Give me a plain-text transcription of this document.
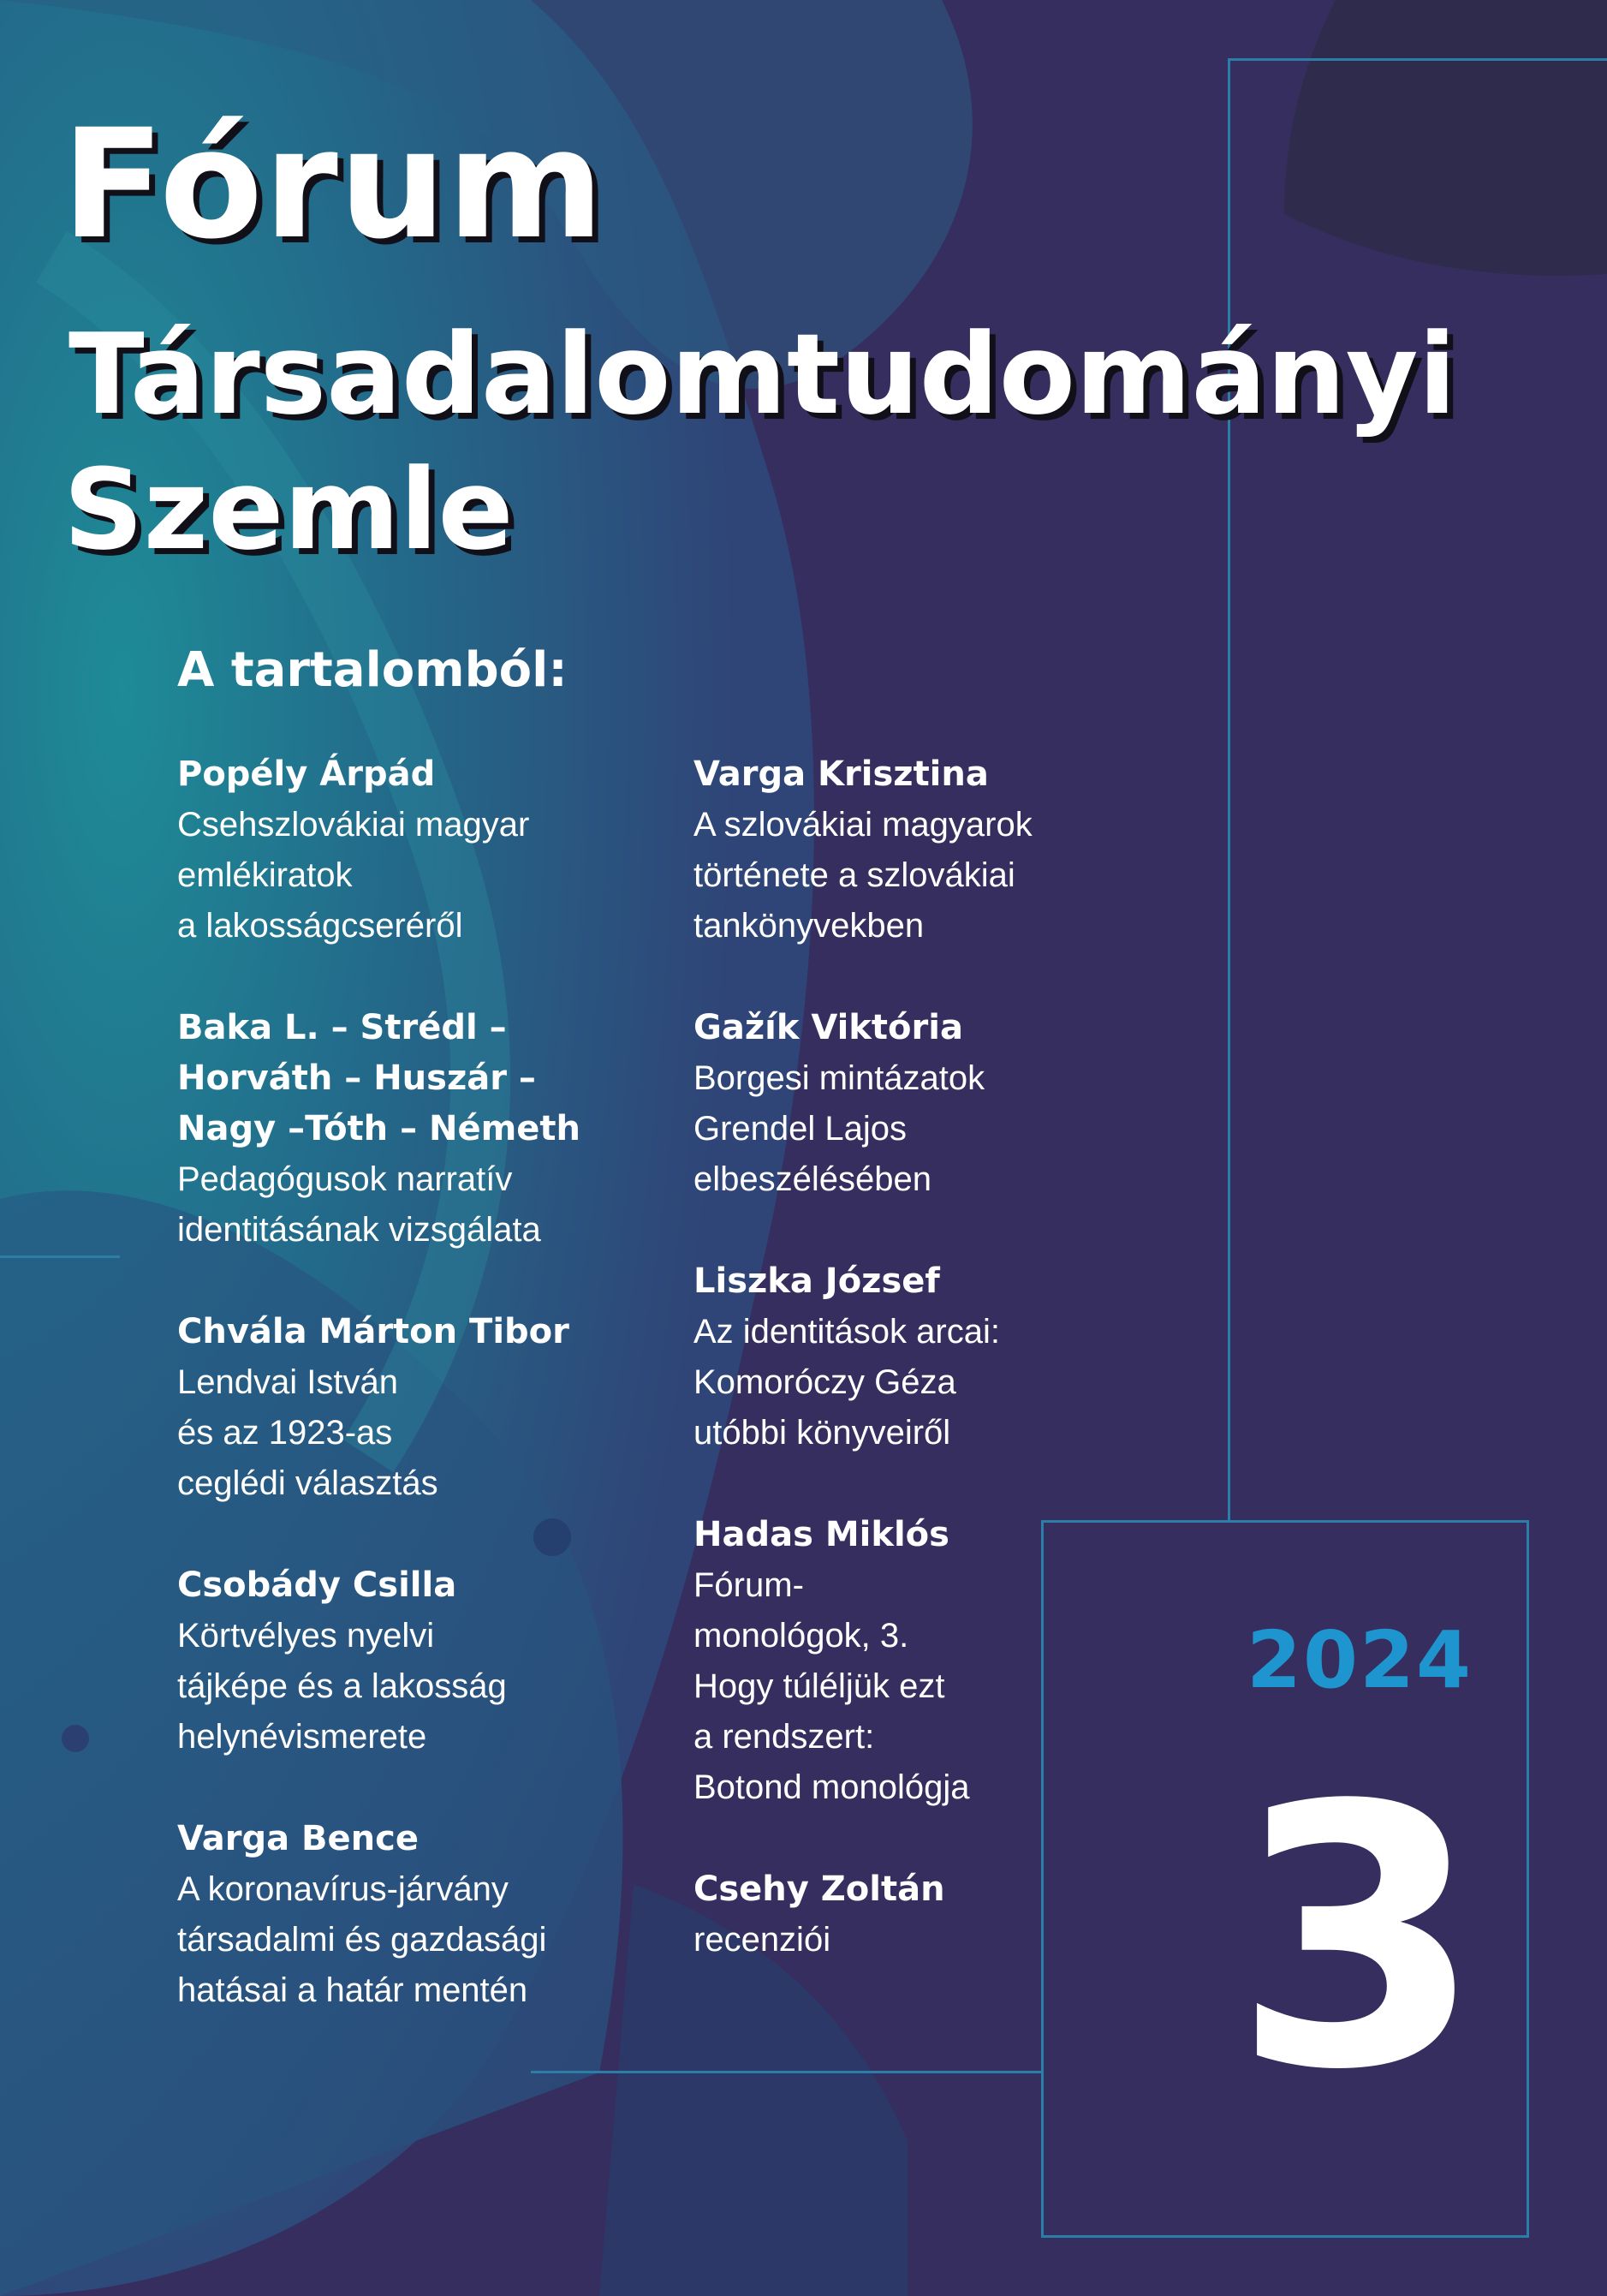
Fórum
Társadalomtudományi
Szemle
A tartalomból:
Popély Árpád
Csehszlovákiai magyar
emlékiratok
a lakosságcseréről
Baka L. – Strédl –
Horváth – Huszár –
Nagy –Tóth – Németh
Pedagógusok narratív
identitásának vizsgálata
Chvála Márton Tibor
Lendvai István
és az 1923-as
ceglédi választás
Csobády Csilla
Körtvélyes nyelvi
tájképe és a lakosság
helynévismerete
Varga Bence
A koronavírus-járvány
társadalmi és gazdasági
hatásai a határ mentén
Varga Krisztina
A szlovákiai magyarok
története a szlovákiai
tankönyvekben
Gažík Viktória
Borgesi mintázatok
Grendel Lajos
elbeszélésében
Liszka József
Az identitások arcai:
Komoróczy Géza
utóbbi könyveiről
Hadas Miklós
Fórum-
monológok, 3.
Hogy túléljük ezt
a rendszert:
Botond monológja
Csehy Zoltán
recenziói
2024
3
